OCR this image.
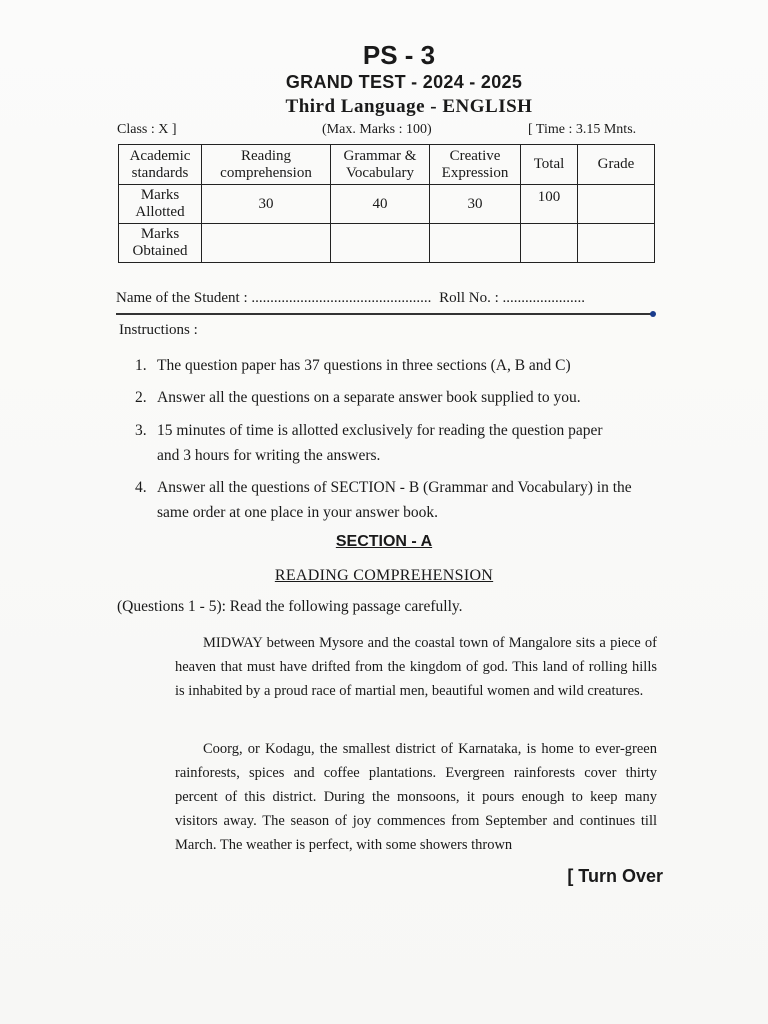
PS - 3
GRAND TEST - 2024 - 2025
Third Language - ENGLISH
Class : X ]	(Max. Marks : 100)	[ Time : 3.15 Mnts.
Academic standards	Reading comprehension	Grammar & Vocabulary	Creative Expression	Total	Grade
Marks Allotted	30	40	30	100	
Marks Obtained					
Name of the Student : ................................................ Roll No. : ......................
Instructions :
1. The question paper has 37 questions in three sections (A, B and C)
2. Answer all the questions on a separate answer book supplied to you.
3. 15 minutes of time is allotted exclusively for reading the question paper and 3 hours for writing the answers.
4. Answer all the questions of SECTION - B (Grammar and Vocabulary) in the same order at one place in your answer book.
SECTION - A
READING COMPREHENSION
(Questions 1 - 5): Read the following passage carefully.
MIDWAY between Mysore and the coastal town of Mangalore sits a piece of heaven that must have drifted from the kingdom of god. This land of rolling hills is inhabited by a proud race of martial men, beautiful women and wild creatures.
Coorg, or Kodagu, the smallest district of Karnataka, is home to ever-green rainforests, spices and coffee plantations. Evergreen rainforests cover thirty percent of this district. During the monsoons, it pours enough to keep many visitors away. The season of joy commences from September and continues till March. The weather is perfect, with some showers thrown
[ Turn Over
